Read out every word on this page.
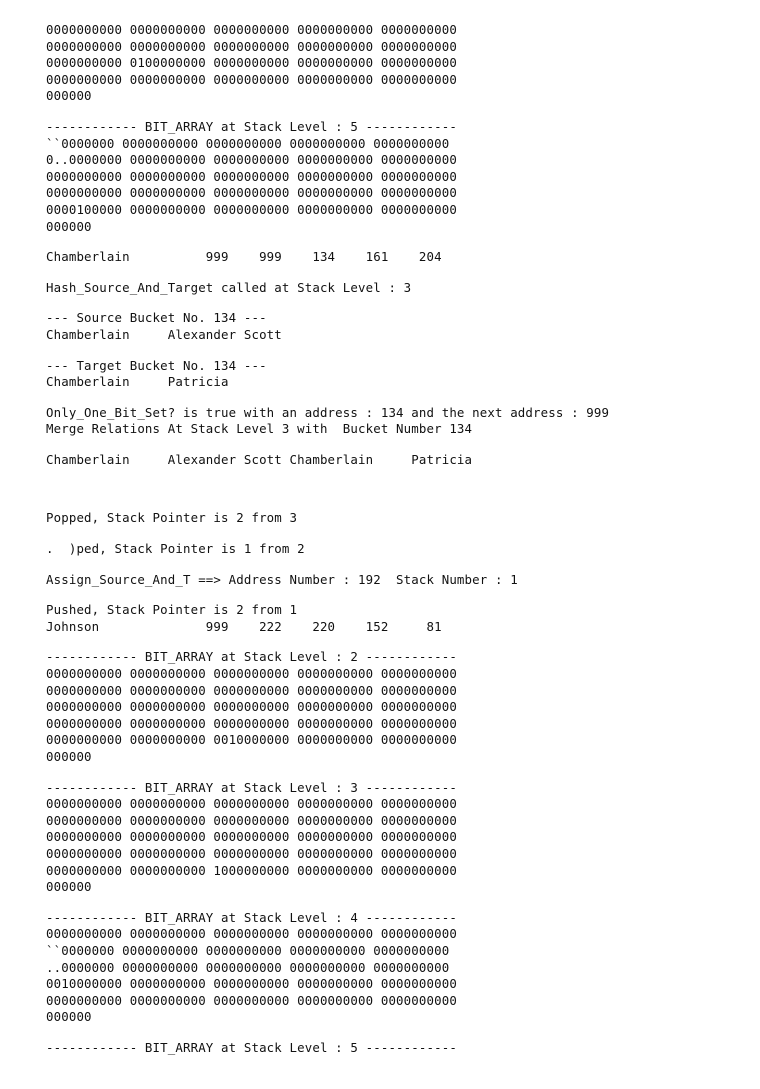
0000000000 0000000000 0000000000 0000000000 0000000000
0000000000 0000000000 0000000000 0000000000 0000000000
0000000000 0100000000 0000000000 0000000000 0000000000
0000000000 0000000000 0000000000 0000000000 0000000000
000000
------------ BIT_ARRAY at Stack Level : 5 ------------
``0000000 0000000000 0000000000 0000000000 0000000000
0..0000000 0000000000 0000000000 0000000000 0000000000
0000000000 0000000000 0000000000 0000000000 0000000000
0000000000 0000000000 0000000000 0000000000 0000000000
0000100000 0000000000 0000000000 0000000000 0000000000
000000
Chamberlain          999    999    134    161    204
Hash_Source_And_Target called at Stack Level : 3
--- Source Bucket No. 134 ---
Chamberlain     Alexander Scott
--- Target Bucket No. 134 ---
Chamberlain     Patricia
Only_One_Bit_Set? is true with an address : 134 and the next address : 999
Merge Relations At Stack Level 3 with  Bucket Number 134
Chamberlain     Alexander Scott Chamberlain     Patricia
Popped, Stack Pointer is 2 from 3
.  )ped, Stack Pointer is 1 from 2
Assign_Source_And_T ==> Address Number : 192  Stack Number : 1
Pushed, Stack Pointer is 2 from 1
Johnson              999    222    220    152     81
------------ BIT_ARRAY at Stack Level : 2 ------------
0000000000 0000000000 0000000000 0000000000 0000000000
0000000000 0000000000 0000000000 0000000000 0000000000
0000000000 0000000000 0000000000 0000000000 0000000000
0000000000 0000000000 0000000000 0000000000 0000000000
0000000000 0000000000 0010000000 0000000000 0000000000
000000
------------ BIT_ARRAY at Stack Level : 3 ------------
0000000000 0000000000 0000000000 0000000000 0000000000
0000000000 0000000000 0000000000 0000000000 0000000000
0000000000 0000000000 0000000000 0000000000 0000000000
0000000000 0000000000 0000000000 0000000000 0000000000
0000000000 0000000000 1000000000 0000000000 0000000000
000000
------------ BIT_ARRAY at Stack Level : 4 ------------
0000000000 0000000000 0000000000 0000000000 0000000000
``0000000 0000000000 0000000000 0000000000 0000000000
..0000000 0000000000 0000000000 0000000000 0000000000
0010000000 0000000000 0000000000 0000000000 0000000000
0000000000 0000000000 0000000000 0000000000 0000000000
000000
------------ BIT_ARRAY at Stack Level : 5 ------------
